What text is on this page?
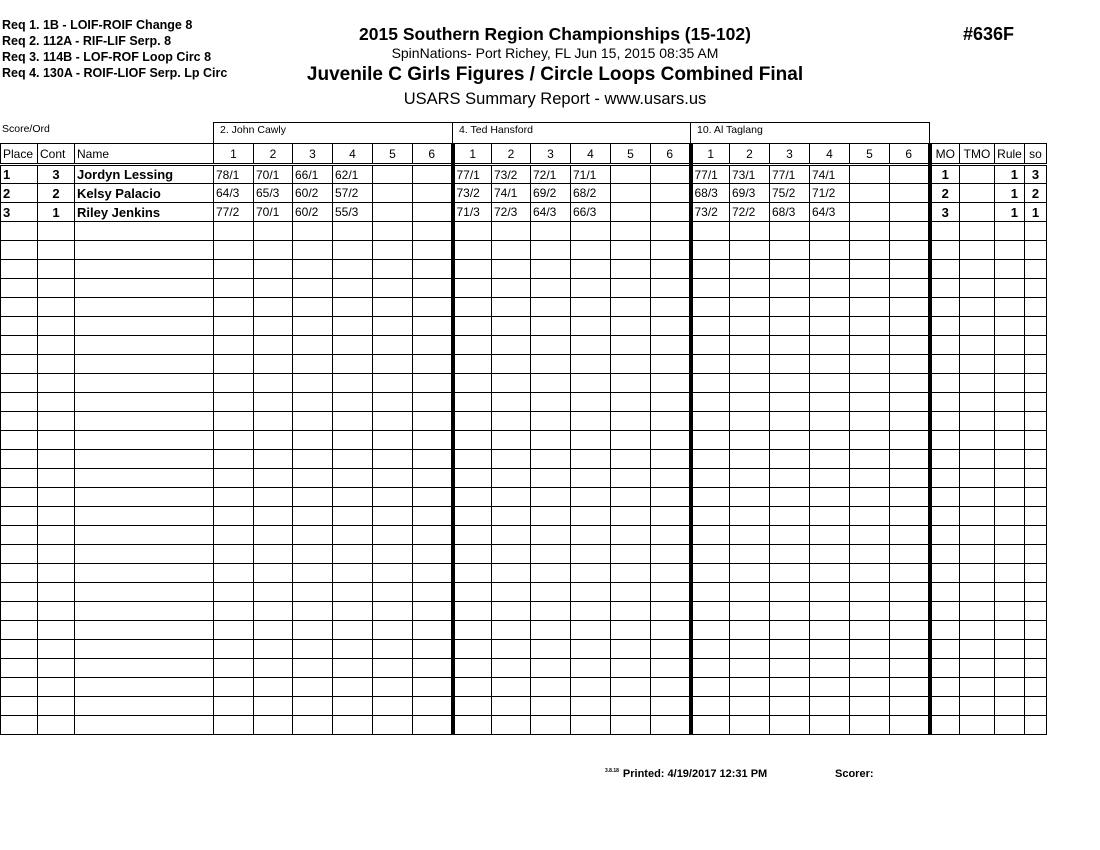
Req 1. 1B - LOIF-ROIF Change 8
Req 2. 112A - RIF-LIF Serp. 8
Req 3. 114B - LOF-ROF Loop Circ 8
Req 4. 130A - ROIF-LIOF Serp. Lp Circ
2015 Southern Region Championships (15-102)
SpinNations- Port Richey, FL Jun 15, 2015 08:35 AM
Juvenile C Girls Figures / Circle Loops Combined Final
USARS Summary Report - www.usars.us
#636F
Score/Ord	2. John Cawly	4. Ted Hansford	10. Al Taglang
Place	Cont	Name	1	2	3	4	5	6	1	2	3	4	5	6	1	2	3	4	5	6	MO	TMO	Rule	so
1	3	Jordyn Lessing	78/1	70/1	66/1	62/1			77/1	73/2	72/1	71/1			77/1	73/1	77/1	74/1			1		1	3
2	2	Kelsy Palacio	64/3	65/3	60/2	57/2			73/2	74/1	69/2	68/2			68/3	69/3	75/2	71/2			2		1	2
3	1	Riley Jenkins	77/2	70/1	60/2	55/3			71/3	72/3	64/3	66/3			73/2	72/2	68/3	64/3			3		1	1

$^{3.8.18}$ Printed: 4/19/2017 12:31 PM	Scorer:
